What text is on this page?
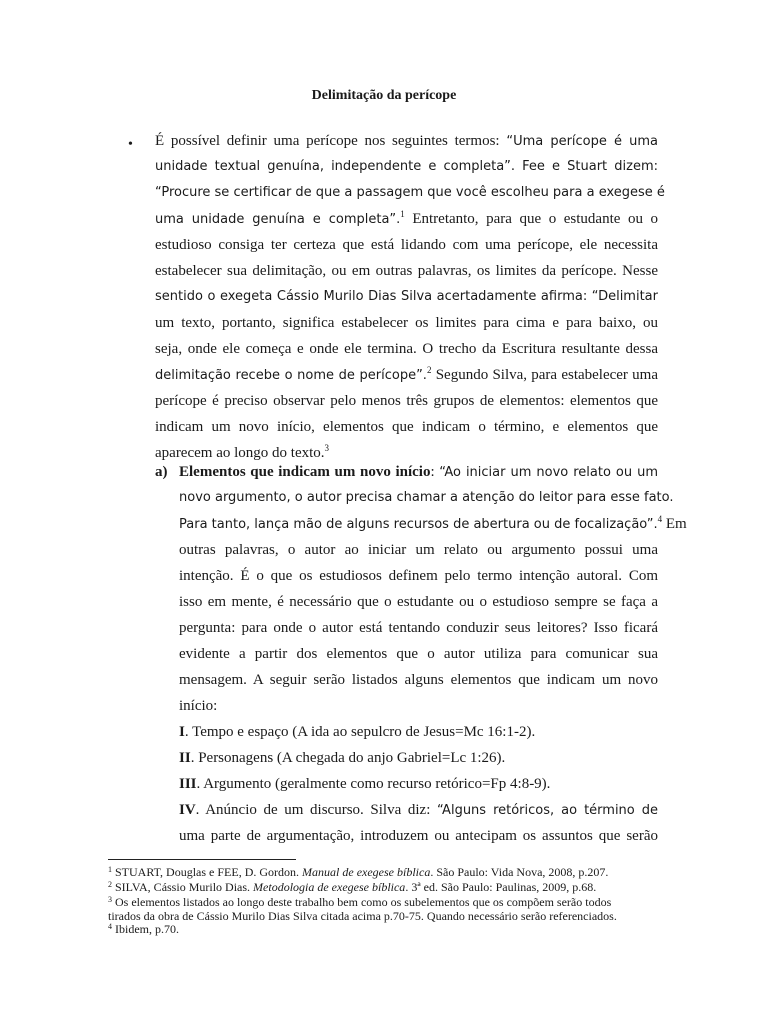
Delimitação da perícope
• É possível definir uma perícope nos seguintes termos: “Uma perícope é uma
unidade textual genuína, independente e completa”. Fee e Stuart dizem:
“Procure se certificar de que a passagem que você escolheu para a exegese é
uma unidade genuína e completa”.$^1$ Entretanto, para que o estudante ou o
estudioso consiga ter certeza que está lidando com uma perícope, ele necessita
estabelecer sua delimitação, ou em outras palavras, os limites da perícope. Nesse
sentido o exegeta Cássio Murilo Dias Silva acertadamente afirma: “Delimitar
um texto, portanto, significa estabelecer os limites para cima e para baixo, ou
seja, onde ele começa e onde ele termina. O trecho da Escritura resultante dessa
delimitação recebe o nome de perícope”.$^2$ Segundo Silva, para estabelecer uma
perícope é preciso observar pelo menos três grupos de elementos: elementos que
indicam um novo início, elementos que indicam o término, e elementos que
aparecem ao longo do texto.$^3$
a) Elementos que indicam um novo início: “Ao iniciar um novo relato ou um
novo argumento, o autor precisa chamar a atenção do leitor para esse fato.
Para tanto, lança mão de alguns recursos de abertura ou de focalização”.$^4$ Em
outras palavras, o autor ao iniciar um relato ou argumento possui uma
intenção. É o que os estudiosos definem pelo termo intenção autoral. Com
isso em mente, é necessário que o estudante ou o estudioso sempre se faça a
pergunta: para onde o autor está tentando conduzir seus leitores? Isso ficará
evidente a partir dos elementos que o autor utiliza para comunicar sua
mensagem. A seguir serão listados alguns elementos que indicam um novo
início:
I. Tempo e espaço (A ida ao sepulcro de Jesus=Mc 16:1-2).
II. Personagens (A chegada do anjo Gabriel=Lc 1:26).
III. Argumento (geralmente como recurso retórico=Fp 4:8-9).
IV. Anúncio de um discurso. Silva diz: “Alguns retóricos, ao término de
uma parte de argumentação, introduzem ou antecipam os assuntos que serão
$^1$ STUART, Douglas e FEE, D. Gordon. Manual de exegese bíblica. São Paulo: Vida Nova, 2008, p.207.
$^2$ SILVA, Cássio Murilo Dias. Metodologia de exegese bíblica. 3ª ed. São Paulo: Paulinas, 2009, p.68.
$^3$ Os elementos listados ao longo deste trabalho bem como os subelementos que os compõem serão todos
tirados da obra de Cássio Murilo Dias Silva citada acima p.70-75. Quando necessário serão referenciados.
$^4$ Ibidem, p.70.
